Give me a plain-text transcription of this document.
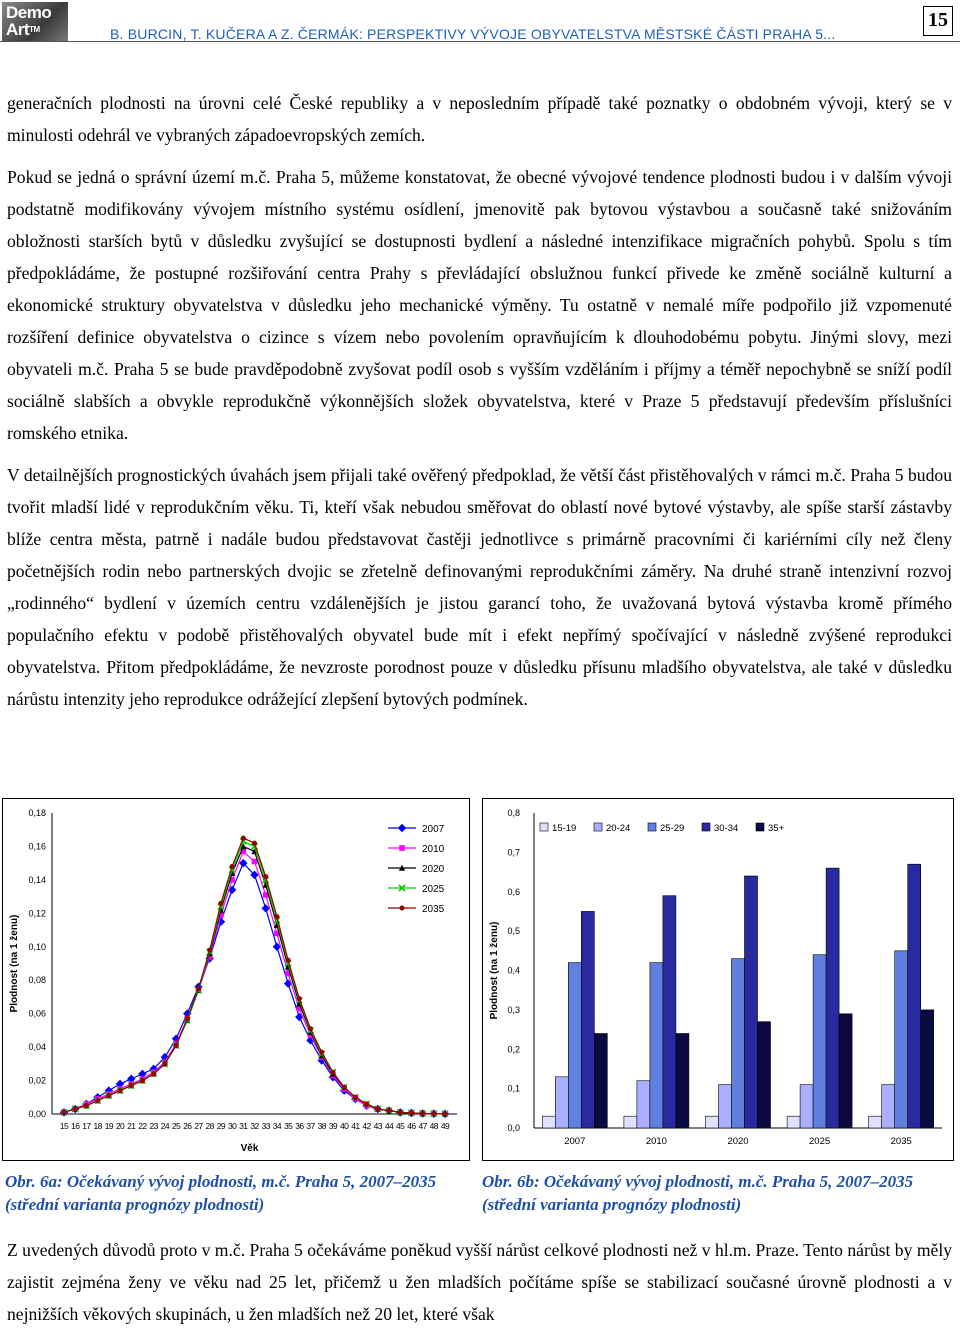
Demo Art™	B. BURCIN, T. KUČERA A Z. ČERMÁK: PERSPEKTIVY VÝVOJE OBYVATELSTVA MĚSTSKÉ ČÁSTI PRAHA 5...
15

generačních plodnosti na úrovni celé České republiky a v neposledním případě také poznatky o obdobném vývoji, který se v minulosti odehrál ve vybraných západoevropských zemích.

Pokud se jedná o správní území m.č. Praha 5, můžeme konstatovat, že obecné vývojové tendence plodnosti budou i v dalším vývoji podstatně modifikovány vývojem místního systému osídlení, jmenovitě pak bytovou výstavbou a současně také snižováním obložnosti starších bytů v důsledku zvyšující se dostupnosti bydlení a následné intenzifikace migračních pohybů. Spolu s tím předpokládáme, že postupné rozšiřování centra Prahy s převládající obslužnou funkcí přivede ke změně sociálně kulturní a ekonomické struktury obyvatelstva v důsledku jeho mechanické výměny. Tu ostatně v nemalé míře podpořilo již vzpomenuté rozšíření definice obyvatelstva o cizince s vízem nebo povolením opravňujícím k dlouhodobému pobytu. Jinými slovy, mezi obyvateli m.č. Praha 5 se bude pravděpodobně zvyšovat podíl osob s vyšším vzděláním i příjmy a téměř nepochybně se sníží podíl sociálně slabších a obvykle reprodukčně výkonnějších složek obyvatelstva, které v Praze 5 představují především příslušníci romského etnika.

V detailnějších prognostických úvahách jsem přijali také ověřený předpoklad, že větší část přistěhovalých v rámci m.č. Praha 5 budou tvořit mladší lidé v reprodukčním věku. Ti, kteří však nebudou směřovat do oblastí nové bytové výstavby, ale spíše starší zástavby blíže centra města, patrně i nadále budou představovat častěji jednotlivce s primárně pracovními či kariérními cíly než členy početnějších rodin nebo partnerských dvojic se zřetelně definovanými reprodukčními záměry. Na druhé straně intenzivní rozvoj „rodinného“ bydlení v územích centru vzdálenějších je jistou garancí toho, že uvažovaná bytová výstavba kromě přímého populačního efektu v podobě přistěhovalých obyvatel bude mít i efekt nepřímý spočívající v následně zvýšené reprodukci obyvatelstva. Přitom předpokládáme, že nevzroste porodnost pouze v důsledku přísunu mladšího obyvatelstva, ale také v důsledku nárůstu intenzity jeho reprodukce odrážející zlepšení bytových podmínek.

0,00
0,02
0,04
0,06
0,08
0,10
0,12
0,14
0,16
0,18
15 16 17 18 19 20 21 22 23 24 25 26 27 28 29 30 31 32 33 34 35 36 37 38 39 40 41 42 43 44 45 46 47 48 49
Věk
Plodnost (na 1 ženu)
2007
2010
2020
2025
2035
0,0
0,1
0,2
0,3
0,4
0,5
0,6
0,7
0,8
Plodnost (na 1 ženu)
2007	2010	2020	2025	2035
15-19	20-24	25-29	30-34	35+
Obr. 6a: Očekávaný vývoj plodnosti, m.č. Praha 5, 2007–2035 (střední varianta prognózy plodnosti)
Obr. 6b: Očekávaný vývoj plodnosti, m.č. Praha 5, 2007–2035 (střední varianta prognózy plodnosti)

Z uvedených důvodů proto v m.č. Praha 5 očekáváme poněkud vyšší nárůst celkové plodnosti než v hl.m. Praze. Tento nárůst by měly zajistit zejména ženy ve věku nad 25 let, přičemž u žen mladších počítáme spíše se stabilizací současné úrovně plodnosti a v nejnižších věkových skupinách, u žen mladších než 20 let, které však
